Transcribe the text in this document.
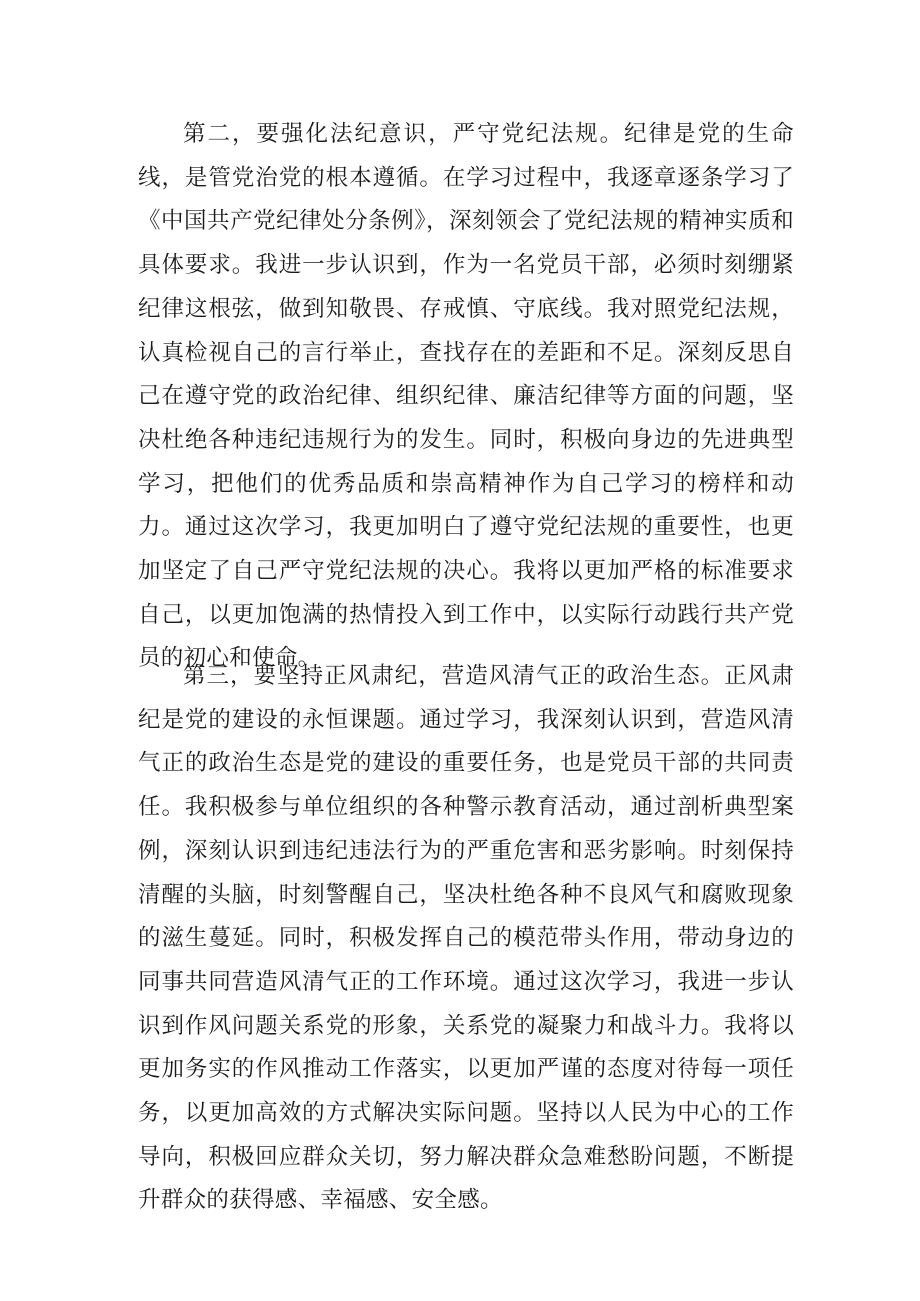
第二，要强化法纪意识，严守党纪法规。纪律是党的生命线，是管党治党的根本遵循。在学习过程中，我逐章逐条学习了《中国共产党纪律处分条例》，深刻领会了党纪法规的精神实质和具体要求。我进一步认识到，作为一名党员干部，必须时刻绷紧纪律这根弦，做到知敬畏、存戒慎、守底线。我对照党纪法规，认真检视自己的言行举止，查找存在的差距和不足。深刻反思自己在遵守党的政治纪律、组织纪律、廉洁纪律等方面的问题，坚决杜绝各种违纪违规行为的发生。同时，积极向身边的先进典型学习，把他们的优秀品质和崇高精神作为自己学习的榜样和动力。通过这次学习，我更加明白了遵守党纪法规的重要性，也更加坚定了自己严守党纪法规的决心。我将以更加严格的标准要求自己，以更加饱满的热情投入到工作中，以实际行动践行共产党员的初心和使命。

第三，要坚持正风肃纪，营造风清气正的政治生态。正风肃纪是党的建设的永恒课题。通过学习，我深刻认识到，营造风清气正的政治生态是党的建设的重要任务，也是党员干部的共同责任。我积极参与单位组织的各种警示教育活动，通过剖析典型案例，深刻认识到违纪违法行为的严重危害和恶劣影响。时刻保持清醒的头脑，时刻警醒自己，坚决杜绝各种不良风气和腐败现象的滋生蔓延。同时，积极发挥自己的模范带头作用，带动身边的同事共同营造风清气正的工作环境。通过这次学习，我进一步认识到作风问题关系党的形象，关系党的凝聚力和战斗力。我将以更加务实的作风推动工作落实，以更加严谨的态度对待每一项任务，以更加高效的方式解决实际问题。坚持以人民为中心的工作导向，积极回应群众关切，努力解决群众急难愁盼问题，不断提升群众的获得感、幸福感、安全感。
